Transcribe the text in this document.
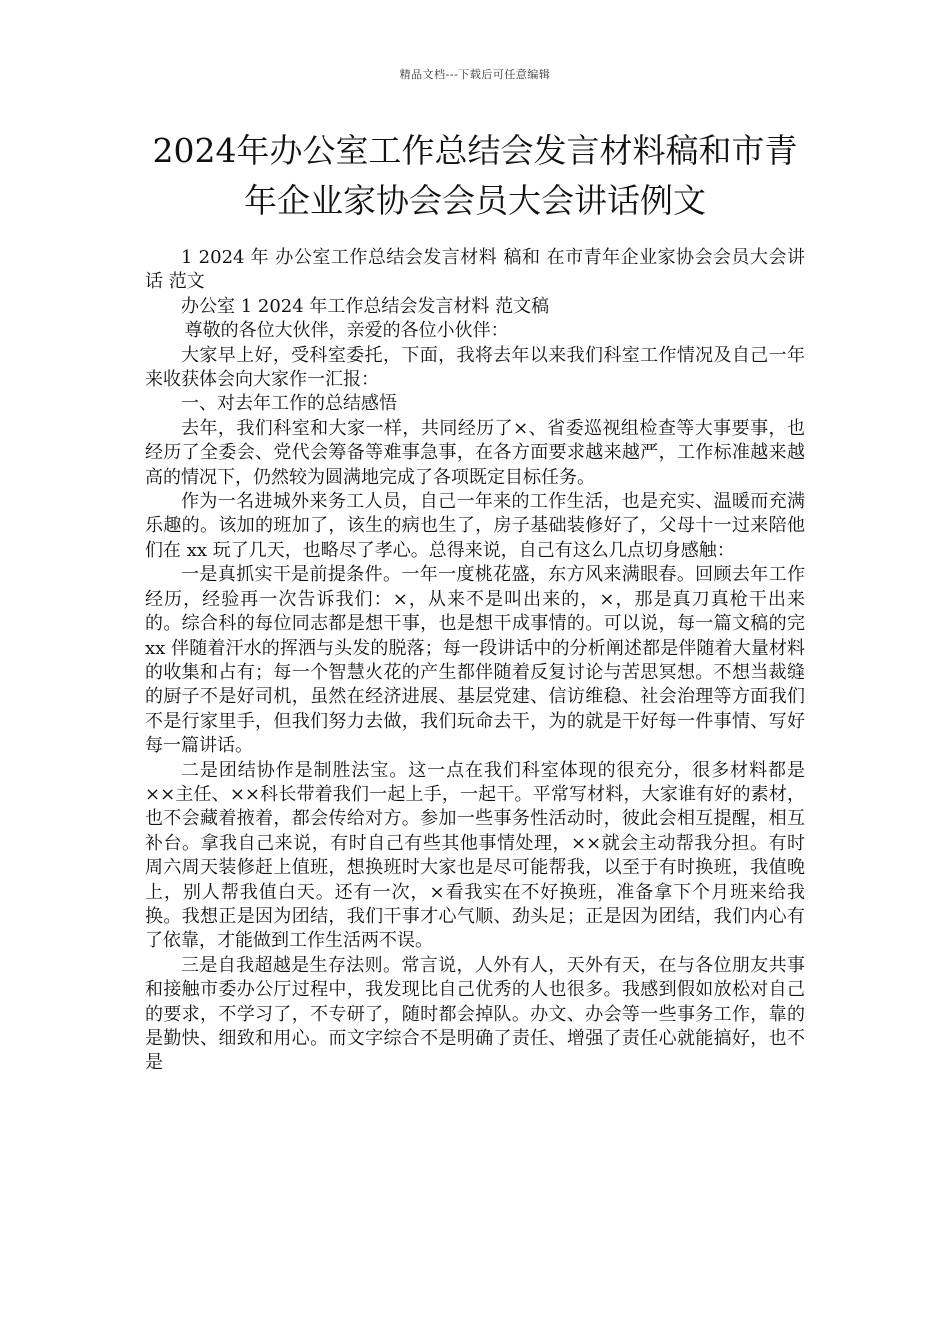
精品文档---下载后可任意编辑
2024年办公室工作总结会发言材料稿和市青年企业家协会会员大会讲话例文

1 2024 年 办公室工作总结会发言材料 稿和 在市青年企业家协会会员大会讲话 范文

办公室 1 2024 年工作总结会发言材料 范文稿

尊敬的各位大伙伴，亲爱的各位小伙伴：

大家早上好，受科室委托，下面，我将去年以来我们科室工作情况及自己一年来收获体会向大家作一汇报：

一、对去年工作的总结感悟

去年，我们科室和大家一样，共同经历了×、省委巡视组检查等大事要事，也经历了全委会、党代会筹备等难事急事，在各方面要求越来越严，工作标准越来越高的情况下，仍然较为圆满地完成了各项既定目标任务。

作为一名进城外来务工人员，自己一年来的工作生活，也是充实、温暖而充满乐趣的。该加的班加了，该生的病也生了，房子基础装修好了，父母十一过来陪他们在 xx 玩了几天，也略尽了孝心。总得来说，自己有这么几点切身感触：

一是真抓实干是前提条件。一年一度桃花盛，东方风来满眼春。回顾去年工作经历，经验再一次告诉我们：×，从来不是叫出来的，×，那是真刀真枪干出来的。综合科的每位同志都是想干事，也是想干成事情的。可以说，每一篇文稿的完 xx 伴随着汗水的挥洒与头发的脱落；每一段讲话中的分析阐述都是伴随着大量材料的收集和占有；每一个智慧火花的产生都伴随着反复讨论与苦思冥想。不想当裁缝的厨子不是好司机，虽然在经济进展、基层党建、信访维稳、社会治理等方面我们不是行家里手，但我们努力去做，我们玩命去干，为的就是干好每一件事情、写好每一篇讲话。

二是团结协作是制胜法宝。这一点在我们科室体现的很充分，很多材料都是××主任、××科长带着我们一起上手，一起干。平常写材料，大家谁有好的素材，也不会藏着掖着，都会传给对方。参加一些事务性活动时，彼此会相互提醒，相互补台。拿我自己来说，有时自己有些其他事情处理，××就会主动帮我分担。有时周六周天装修赶上值班，想换班时大家也是尽可能帮我，以至于有时换班，我值晚上，别人帮我值白天。还有一次，×看我实在不好换班，准备拿下个月班来给我换。我想正是因为团结，我们干事才心气顺、劲头足；正是因为团结，我们内心有了依靠，才能做到工作生活两不误。

三是自我超越是生存法则。常言说，人外有人，天外有天，在与各位朋友共事和接触市委办公厅过程中，我发现比自己优秀的人也很多。我感到假如放松对自己的要求，不学习了，不专研了，随时都会掉队。办文、办会等一些事务工作，靠的是勤快、细致和用心。而文字综合不是明确了责任、增强了责任心就能搞好，也不是
